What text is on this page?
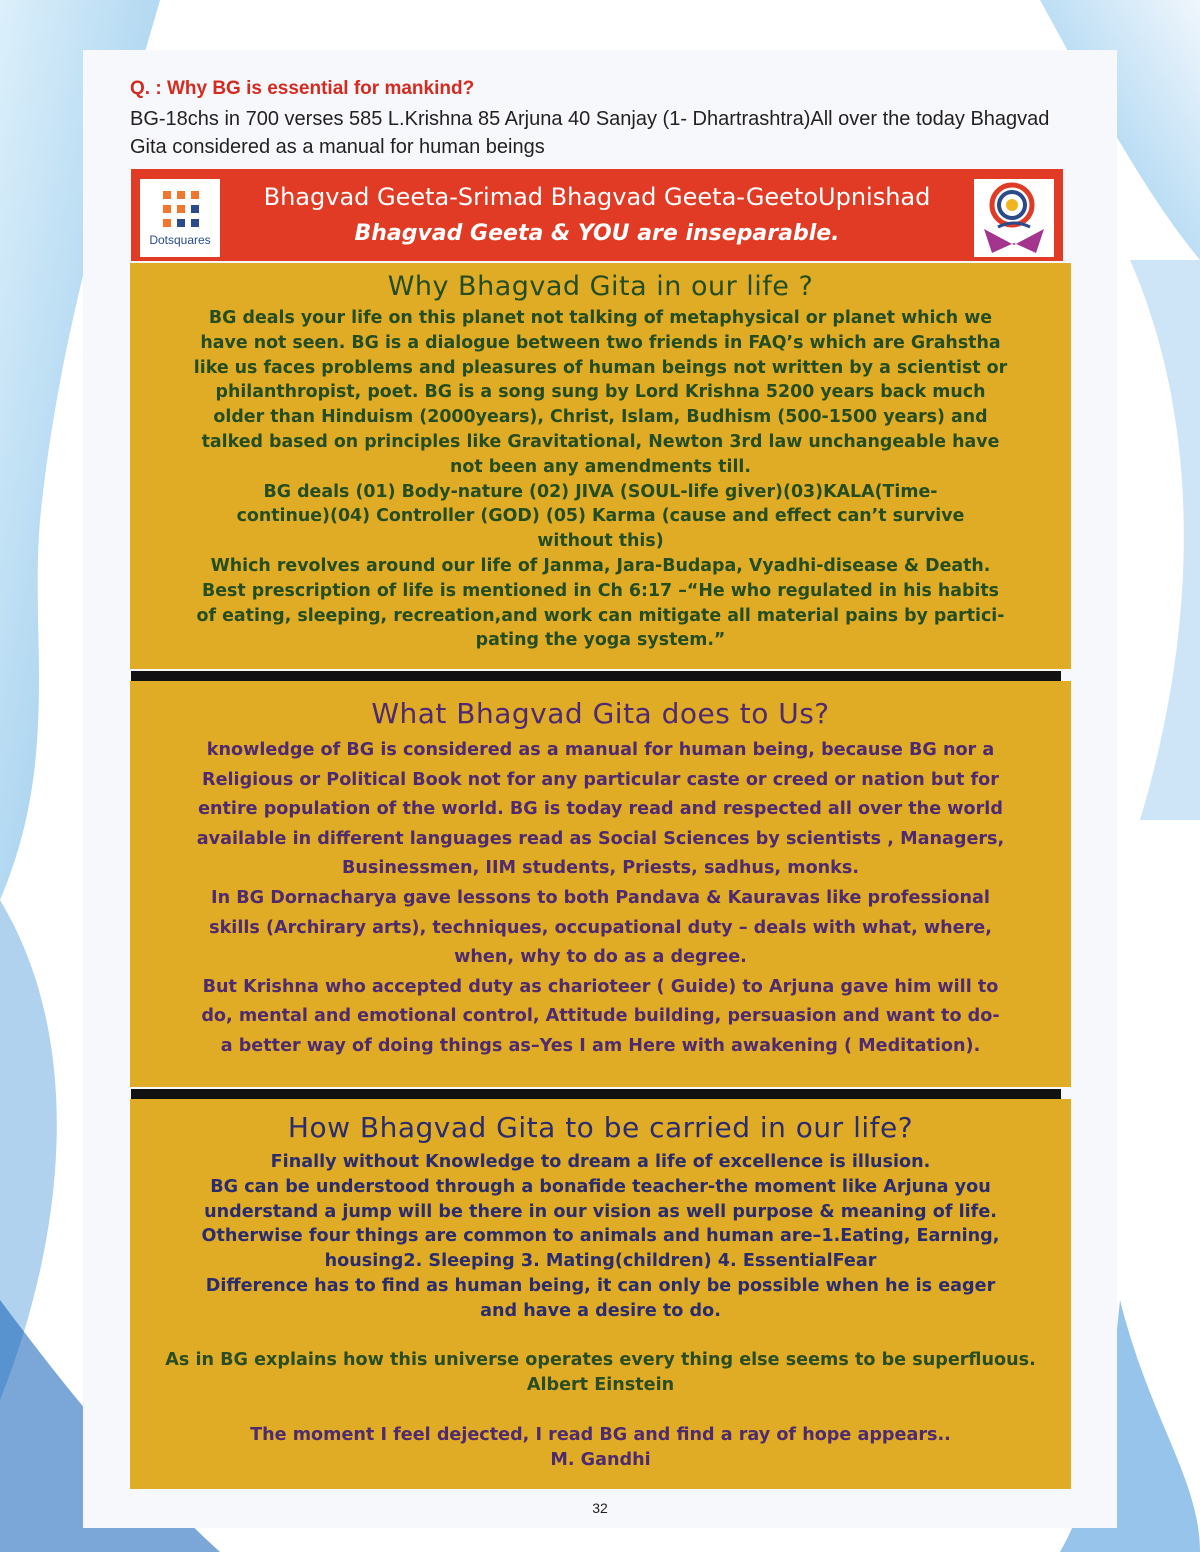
Q. : Why BG is essential for mankind?

BG-18chs in 700 verses 585 L.Krishna 85 Arjuna 40 Sanjay (1- Dhartrashtra)All over the today Bhagvad Gita considered as a manual for human beings

Dotsquares

Bhagvad Geeta-Srimad Bhagvad Geeta-GeetoUpnishad

Bhagvad Geeta & YOU are inseparable.

Why Bhagvad Gita in our life ?

BG deals your life on this planet not talking of metaphysical or planet which we
have not seen. BG is a dialogue between two friends in FAQ’s which are Grahstha
like us faces problems and pleasures of human beings not written by a scientist or
philanthropist, poet. BG is a song sung by Lord Krishna 5200 years back much
older than Hinduism (2000years), Christ, Islam, Budhism (500-1500 years) and
talked based on principles like Gravitational, Newton 3rd law unchangeable have
not been any amendments till.
BG deals (01) Body-nature (02) JIVA (SOUL-life giver)(03)KALA(Time-
continue)(04) Controller (GOD) (05) Karma (cause and effect can’t survive
without this)
Which revolves around our life of Janma, Jara-Budapa, Vyadhi-disease & Death.
Best prescription of life is mentioned in Ch 6:17 –“He who regulated in his habits
of eating, sleeping, recreation,and work can mitigate all material pains by partici-
pating the yoga system.”

What Bhagvad Gita does to Us?

knowledge of BG is considered as a manual for human being, because BG nor a
Religious or Political Book not for any particular caste or creed or nation but for
entire population of the world. BG is today read and respected all over the world
available in different languages read as Social Sciences by scientists , Managers,
Businessmen, IIM students, Priests, sadhus, monks.
In BG Dornacharya gave lessons to both Pandava & Kauravas like professional
skills (Archirary arts), techniques, occupational duty – deals with what, where,
when, why to do as a degree.
But Krishna who accepted duty as charioteer ( Guide) to Arjuna gave him will to
do, mental and emotional control, Attitude building, persuasion and want to do-
a better way of doing things as–Yes I am Here with awakening ( Meditation).

How Bhagvad Gita to be carried in our life?

Finally without Knowledge to dream a life of excellence is illusion.
BG can be understood through a bonafide teacher-the moment like Arjuna you
understand a jump will be there in our vision as well purpose & meaning of life.
Otherwise four things are common to animals and human are–1.Eating, Earning,
housing2. Sleeping 3. Mating(children) 4. EssentialFear
Difference has to find as human being, it can only be possible when he is eager
and have a desire to do.

As in BG explains how this universe operates every thing else seems to be superfluous.
Albert Einstein

The moment I feel dejected, I read BG and find a ray of hope appears..
M. Gandhi

32
